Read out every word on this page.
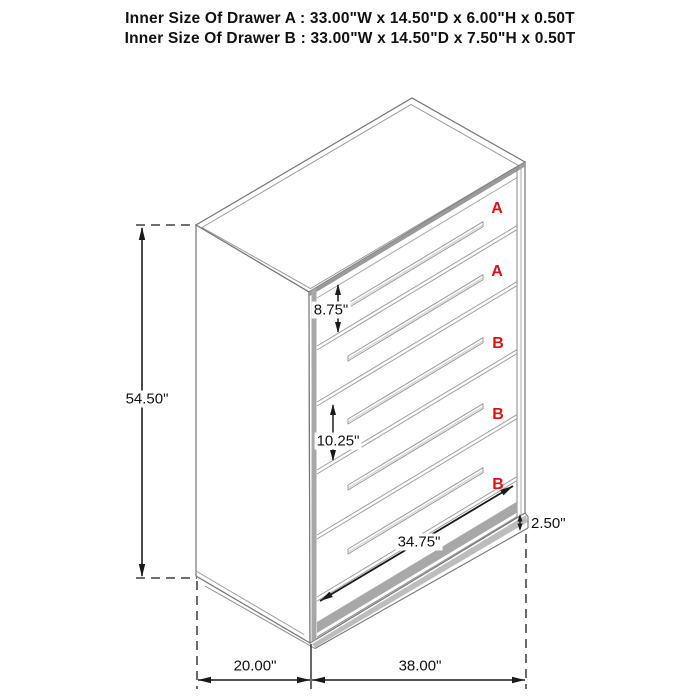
Inner Size Of Drawer A : 33.00"W x 14.50"D x 6.00"H x 0.50T
Inner Size Of Drawer B : 33.00"W x 14.50"D x 7.50"H x 0.50T
54.50"
8.75"
10.25"
2.50"
34.75"
20.00"	38.00"
A
A
B
B
B
